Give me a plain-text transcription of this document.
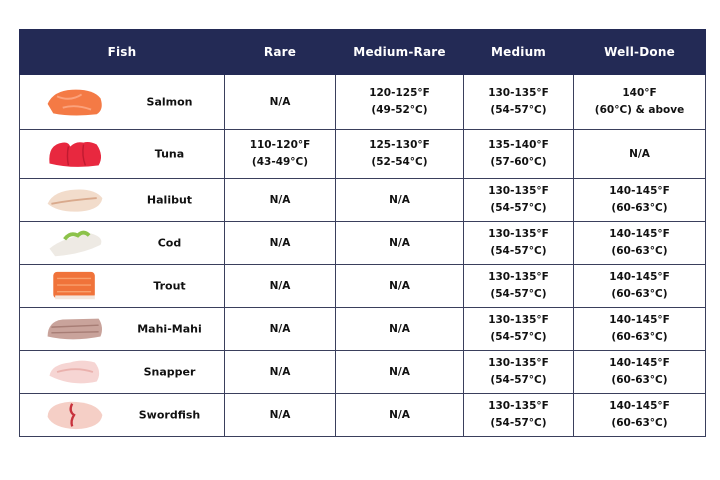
Fish	Rare	Medium-Rare	Medium	Well-Done

Salmon	N/A	120-125°F
(49-52°C)	130-135°F
(54-57°C)	140°F
(60°C) & above

Tuna	110-120°F
(43-49°C)	125-130°F
(52-54°C)	135-140°F
(57-60°C)	N/A

Halibut	N/A	N/A	130-135°F
(54-57°C)	140-145°F
(60-63°C)

Cod	N/A	N/A	130-135°F
(54-57°C)	140-145°F
(60-63°C)

Trout	N/A	N/A	130-135°F
(54-57°C)	140-145°F
(60-63°C)

Mahi-Mahi	N/A	N/A	130-135°F
(54-57°C)	140-145°F
(60-63°C)

Snapper	N/A	N/A	130-135°F
(54-57°C)	140-145°F
(60-63°C)

Swordfish	N/A	N/A	130-135°F
(54-57°C)	140-145°F
(60-63°C)
